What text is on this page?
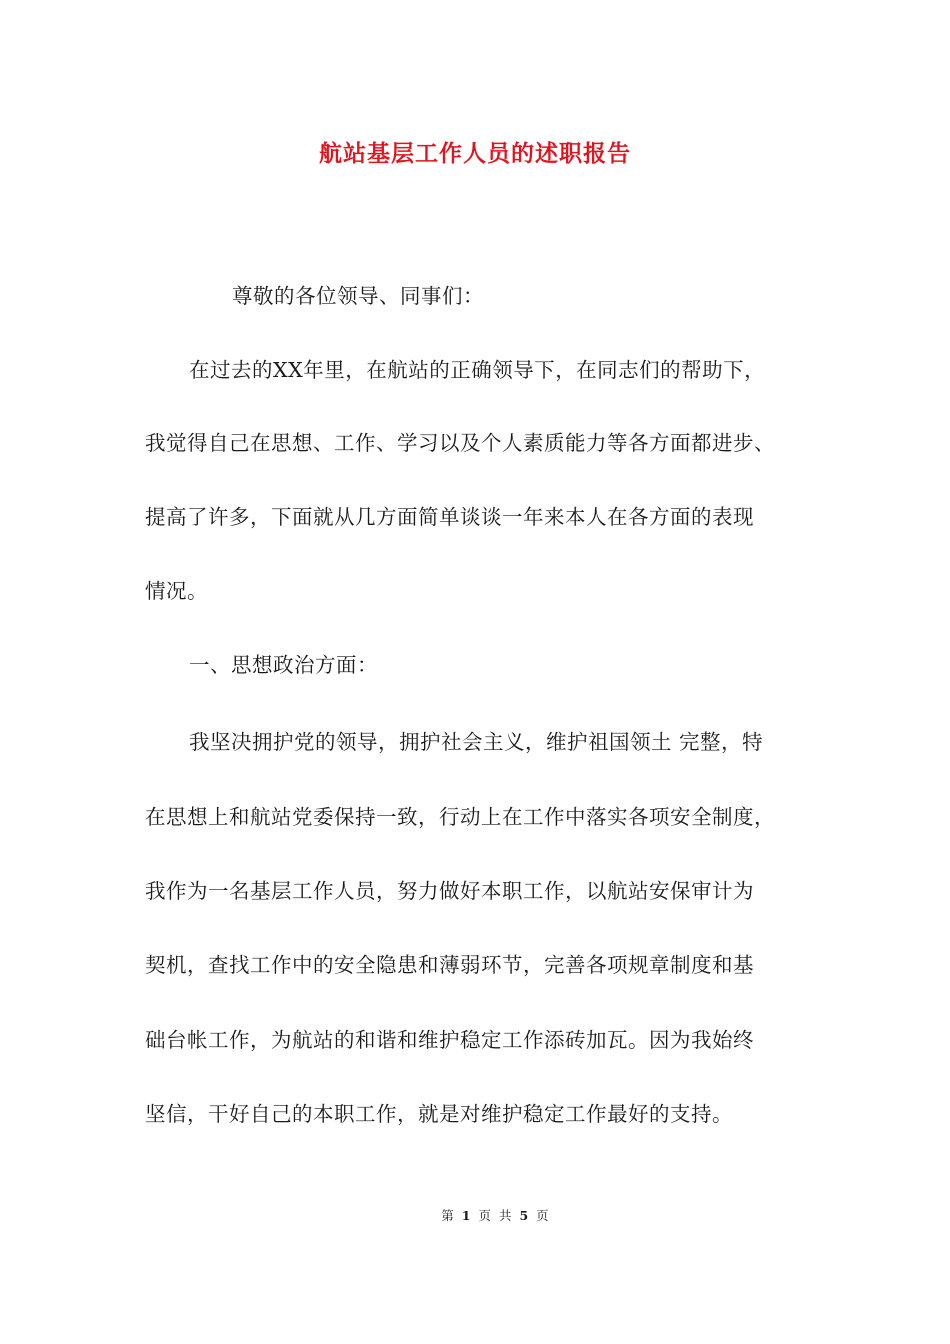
航站基层工作人员的述职报告
尊敬的各位领导、同事们：
在过去的XX年里，在航站的正确领导下，在同志们的帮助下，
我觉得自己在思想、工作、学习以及个人素质能力等各方面都进步、
提高了许多，下面就从几方面简单谈谈一年来本人在各方面的表现
情况。
一、思想政治方面：
我坚决拥护党的领导，拥护社会主义，维护祖国领土 完整，特
在思想上和航站党委保持一致，行动上在工作中落实各项安全制度，
我作为一名基层工作人员，努力做好本职工作，以航站安保审计为
契机，查找工作中的安全隐患和薄弱环节，完善各项规章制度和基
础台帐工作，为航站的和谐和维护稳定工作添砖加瓦。因为我始终
坚信，干好自己的本职工作，就是对维护稳定工作最好的支持。
第 1 页 共 5 页
